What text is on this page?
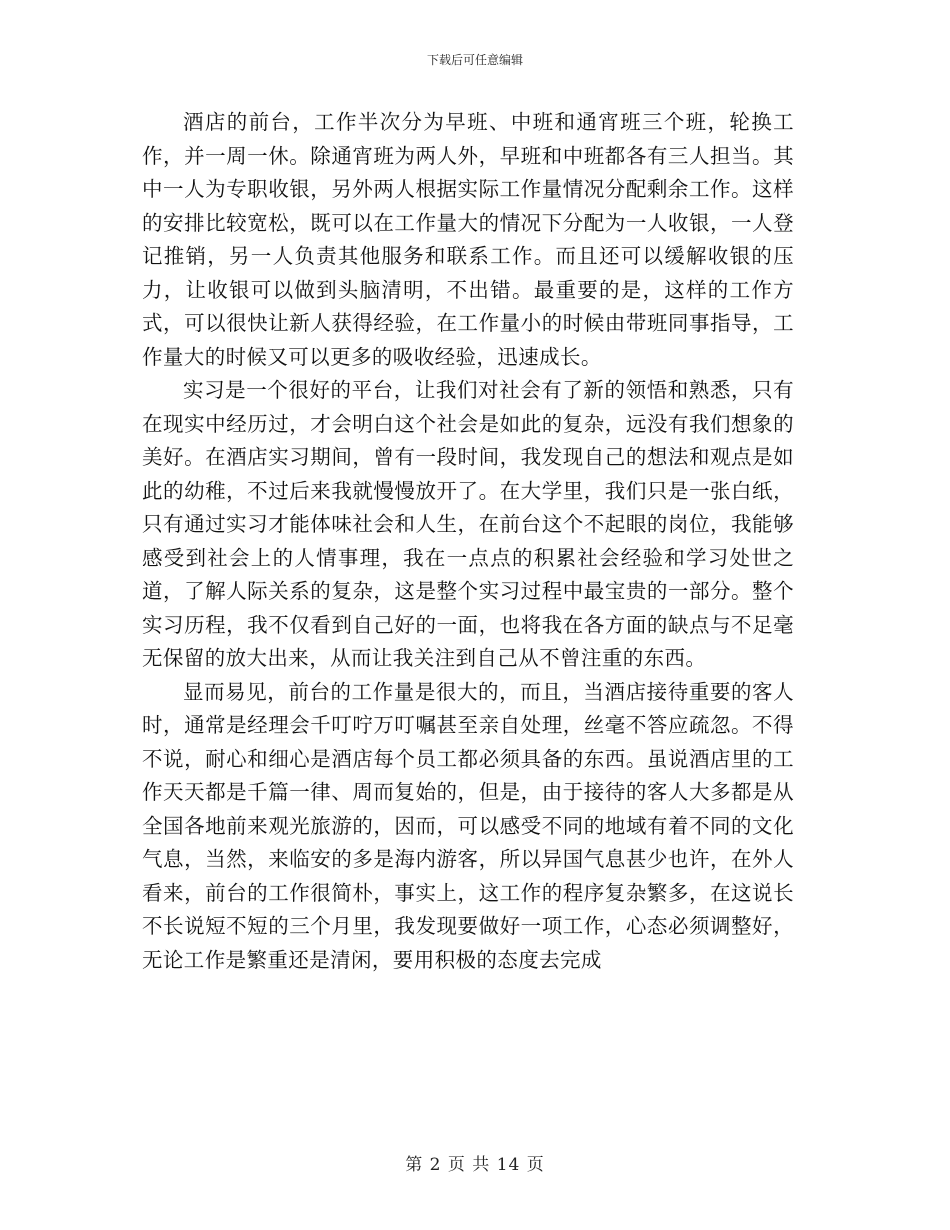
下载后可任意编辑

酒店的前台，工作半次分为早班、中班和通宵班三个班，轮换工作，并一周一休。除通宵班为两人外，早班和中班都各有三人担当。其中一人为专职收银，另外两人根据实际工作量情况分配剩余工作。这样的安排比较宽松，既可以在工作量大的情况下分配为一人收银，一人登记推销，另一人负责其他服务和联系工作。而且还可以缓解收银的压力，让收银可以做到头脑清明，不出错。最重要的是，这样的工作方式，可以很快让新人获得经验，在工作量小的时候由带班同事指导，工作量大的时候又可以更多的吸收经验，迅速成长。

实习是一个很好的平台，让我们对社会有了新的领悟和熟悉，只有在现实中经历过，才会明白这个社会是如此的复杂，远没有我们想象的美好。在酒店实习期间，曾有一段时间，我发现自己的想法和观点是如此的幼稚，不过后来我就慢慢放开了。在大学里，我们只是一张白纸，只有通过实习才能体味社会和人生，在前台这个不起眼的岗位，我能够感受到社会上的人情事理，我在一点点的积累社会经验和学习处世之道，了解人际关系的复杂，这是整个实习过程中最宝贵的一部分。整个实习历程，我不仅看到自己好的一面，也将我在各方面的缺点与不足毫无保留的放大出来，从而让我关注到自己从不曾注重的东西。

显而易见，前台的工作量是很大的，而且，当酒店接待重要的客人时，通常是经理会千叮咛万叮嘱甚至亲自处理，丝毫不答应疏忽。不得不说，耐心和细心是酒店每个员工都必须具备的东西。虽说酒店里的工作天天都是千篇一律、周而复始的，但是，由于接待的客人大多都是从全国各地前来观光旅游的，因而，可以感受不同的地域有着不同的文化气息，当然，来临安的多是海内游客，所以异国气息甚少也许，在外人看来，前台的工作很简朴，事实上，这工作的程序复杂繁多，在这说长不长说短不短的三个月里，我发现要做好一项工作，心态必须调整好，无论工作是繁重还是清闲，要用积极的态度去完成

第 2 页 共 14 页
